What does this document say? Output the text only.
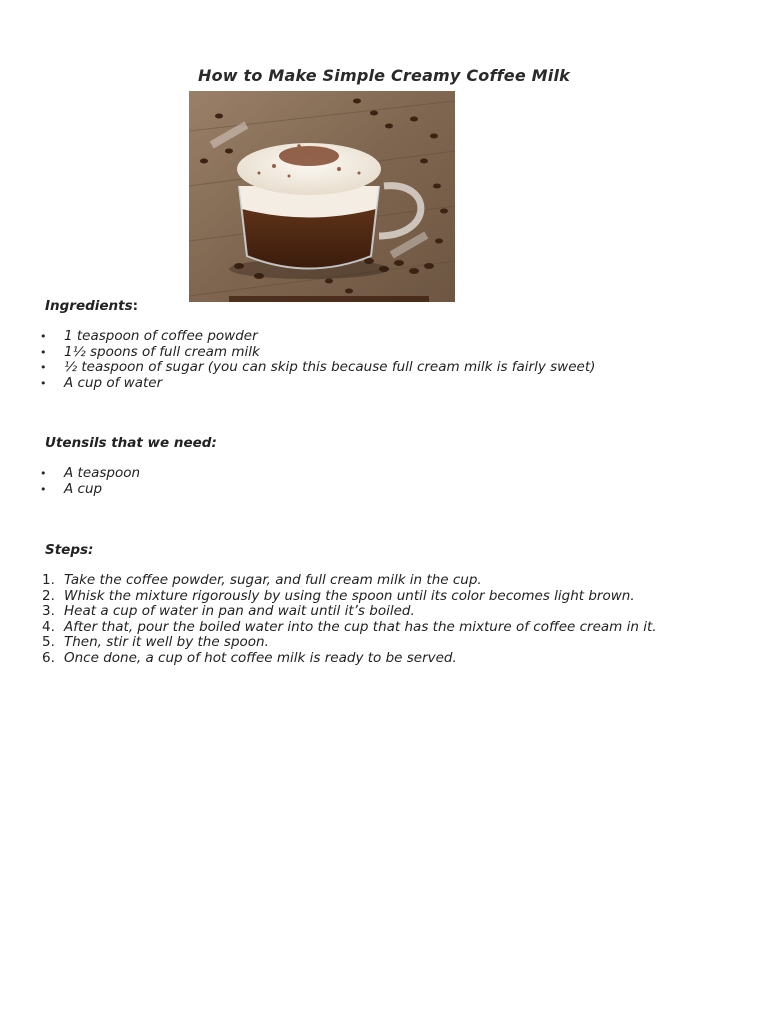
How to Make Simple Creamy Coffee Milk
Ingredients:
• 1 teaspoon of coffee powder
• 1½ spoons of full cream milk
• ½ teaspoon of sugar (you can skip this because full cream milk is fairly sweet)
• A cup of water
Utensils that we need:
• A teaspoon
• A cup
Steps:
1. Take the coffee powder, sugar, and full cream milk in the cup.
2. Whisk the mixture rigorously by using the spoon until its color becomes light brown.
3. Heat a cup of water in pan and wait until it’s boiled.
4. After that, pour the boiled water into the cup that has the mixture of coffee cream in it.
5. Then, stir it well by the spoon.
6. Once done, a cup of hot coffee milk is ready to be served.
